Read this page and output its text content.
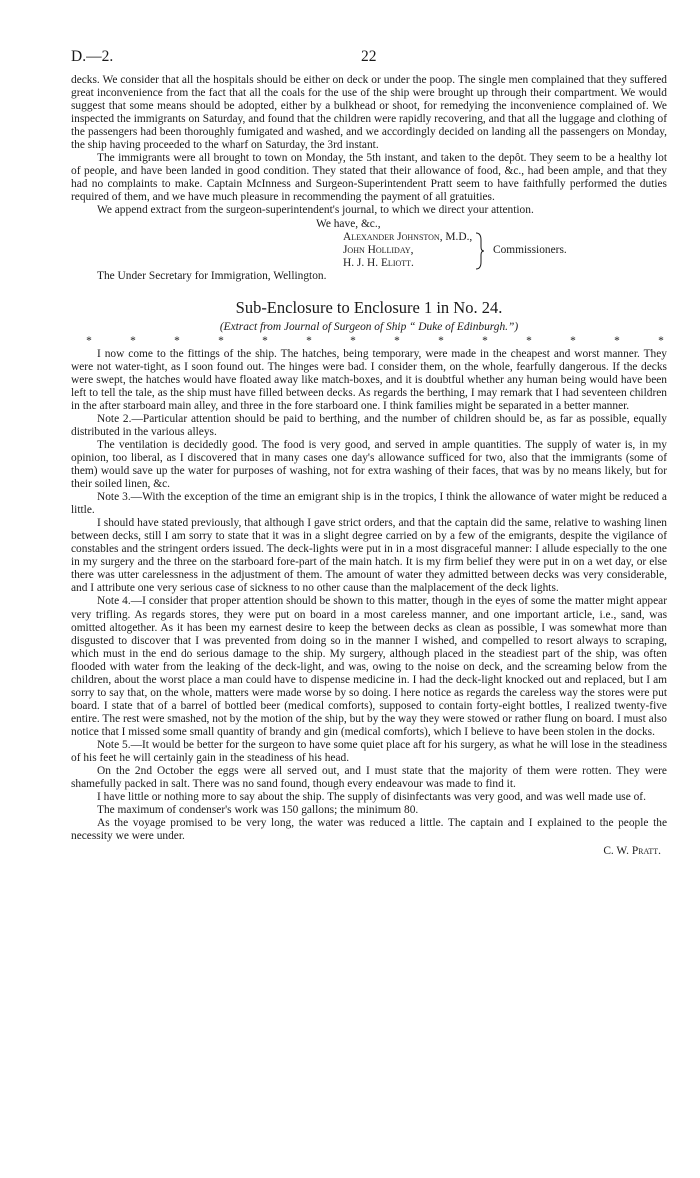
D.—2.	22

decks. We consider that all the hospitals should be either on deck or under the poop. The single men complained that they suffered great inconvenience from the fact that all the coals for the use of the ship were brought up through their compartment. We would suggest that some means should be adopted, either by a bulkhead or shoot, for remedying the inconvenience complained of. We inspected the immigrants on Saturday, and found that the children were rapidly recovering, and that all the luggage and clothing of the passengers had been thoroughly fumigated and washed, and we accordingly decided on landing all the passengers on Monday, the ship having proceeded to the wharf on Saturday, the 3rd instant.

The immigrants were all brought to town on Monday, the 5th instant, and taken to the depôt. They seem to be a healthy lot of people, and have been landed in good condition. They stated that their allowance of food, &c., had been ample, and that they had no complaints to make. Captain McInness and Surgeon-Superintendent Pratt seem to have faithfully performed the duties required of them, and we have much pleasure in recommending the payment of all gratuities.

We append extract from the surgeon-superintendent's journal, to which we direct your attention.

We have, &c.,
Alexander Johnston, M.D.,
John Holliday,
H. J. H. Eliott.
Commissioners.
The Under Secretary for Immigration, Wellington.
Sub-Enclosure to Enclosure 1 in No. 24.
(Extract from Journal of Surgeon of Ship “ Duke of Edinburgh.”)
*	*	*	*	*	*	*	*	*	*	*	*	*	*

I now come to the fittings of the ship. The hatches, being temporary, were made in the cheapest and worst manner. They were not water-tight, as I soon found out. The hinges were bad. I consider them, on the whole, fearfully dangerous. If the decks were swept, the hatches would have floated away like match-boxes, and it is doubtful whether any human being would have been left to tell the tale, as the ship must have filled between decks. As regards the berthing, I may remark that I had seventeen children in the after starboard main alley, and three in the fore starboard one. I think families might be separated in a better manner.

Note 2.—Particular attention should be paid to berthing, and the number of children should be, as far as possible, equally distributed in the various alleys.

The ventilation is decidedly good. The food is very good, and served in ample quantities. The supply of water is, in my opinion, too liberal, as I discovered that in many cases one day's allowance sufficed for two, also that the immigrants (some of them) would save up the water for purposes of washing, not for extra washing of their faces, that was by no means likely, but for their soiled linen, &c.

Note 3.—With the exception of the time an emigrant ship is in the tropics, I think the allowance of water might be reduced a little.

I should have stated previously, that although I gave strict orders, and that the captain did the same, relative to washing linen between decks, still I am sorry to state that it was in a slight degree carried on by a few of the emigrants, despite the vigilance of constables and the stringent orders issued. The deck-lights were put in in a most disgraceful manner: I allude especially to the one in my surgery and the three on the starboard fore-part of the main hatch. It is my firm belief they were put in on a wet day, or else there was utter carelessness in the adjustment of them. The amount of water they admitted between decks was very considerable, and I attribute one very serious case of sickness to no other cause than the malplacement of the deck lights.

Note 4.—I consider that proper attention should be shown to this matter, though in the eyes of some the matter might appear very trifling. As regards stores, they were put on board in a most careless manner, and one important article, i.e., sand, was omitted altogether. As it has been my earnest desire to keep the between decks as clean as possible, I was somewhat more than disgusted to discover that I was prevented from doing so in the manner I wished, and compelled to resort always to scraping, which must in the end do serious damage to the ship. My surgery, although placed in the steadiest part of the ship, was often flooded with water from the leaking of the deck-light, and was, owing to the noise on deck, and the screaming below from the children, about the worst place a man could have to dispense medicine in. I had the deck-light knocked out and replaced, but I am sorry to say that, on the whole, matters were made worse by so doing. I here notice as regards the careless way the stores were put board. I state that of a barrel of bottled beer (medical comforts), supposed to contain forty-eight bottles, I realized twenty-five entire. The rest were smashed, not by the motion of the ship, but by the way they were stowed or rather flung on board. I must also notice that I missed some small quantity of brandy and gin (medical comforts), which I believe to have been stolen in the docks.

Note 5.—It would be better for the surgeon to have some quiet place aft for his surgery, as what he will lose in the steadiness of his feet he will certainly gain in the steadiness of his head.

On the 2nd October the eggs were all served out, and I must state that the majority of them were rotten. They were shamefully packed in salt. There was no sand found, though every endeavour was made to find it.

I have little or nothing more to say about the ship. The supply of disinfectants was very good, and was well made use of.

The maximum of condenser's work was 150 gallons; the minimum 80.

As the voyage promised to be very long, the water was reduced a little. The captain and I explained to the people the necessity we were under.

C. W. Pratt.
